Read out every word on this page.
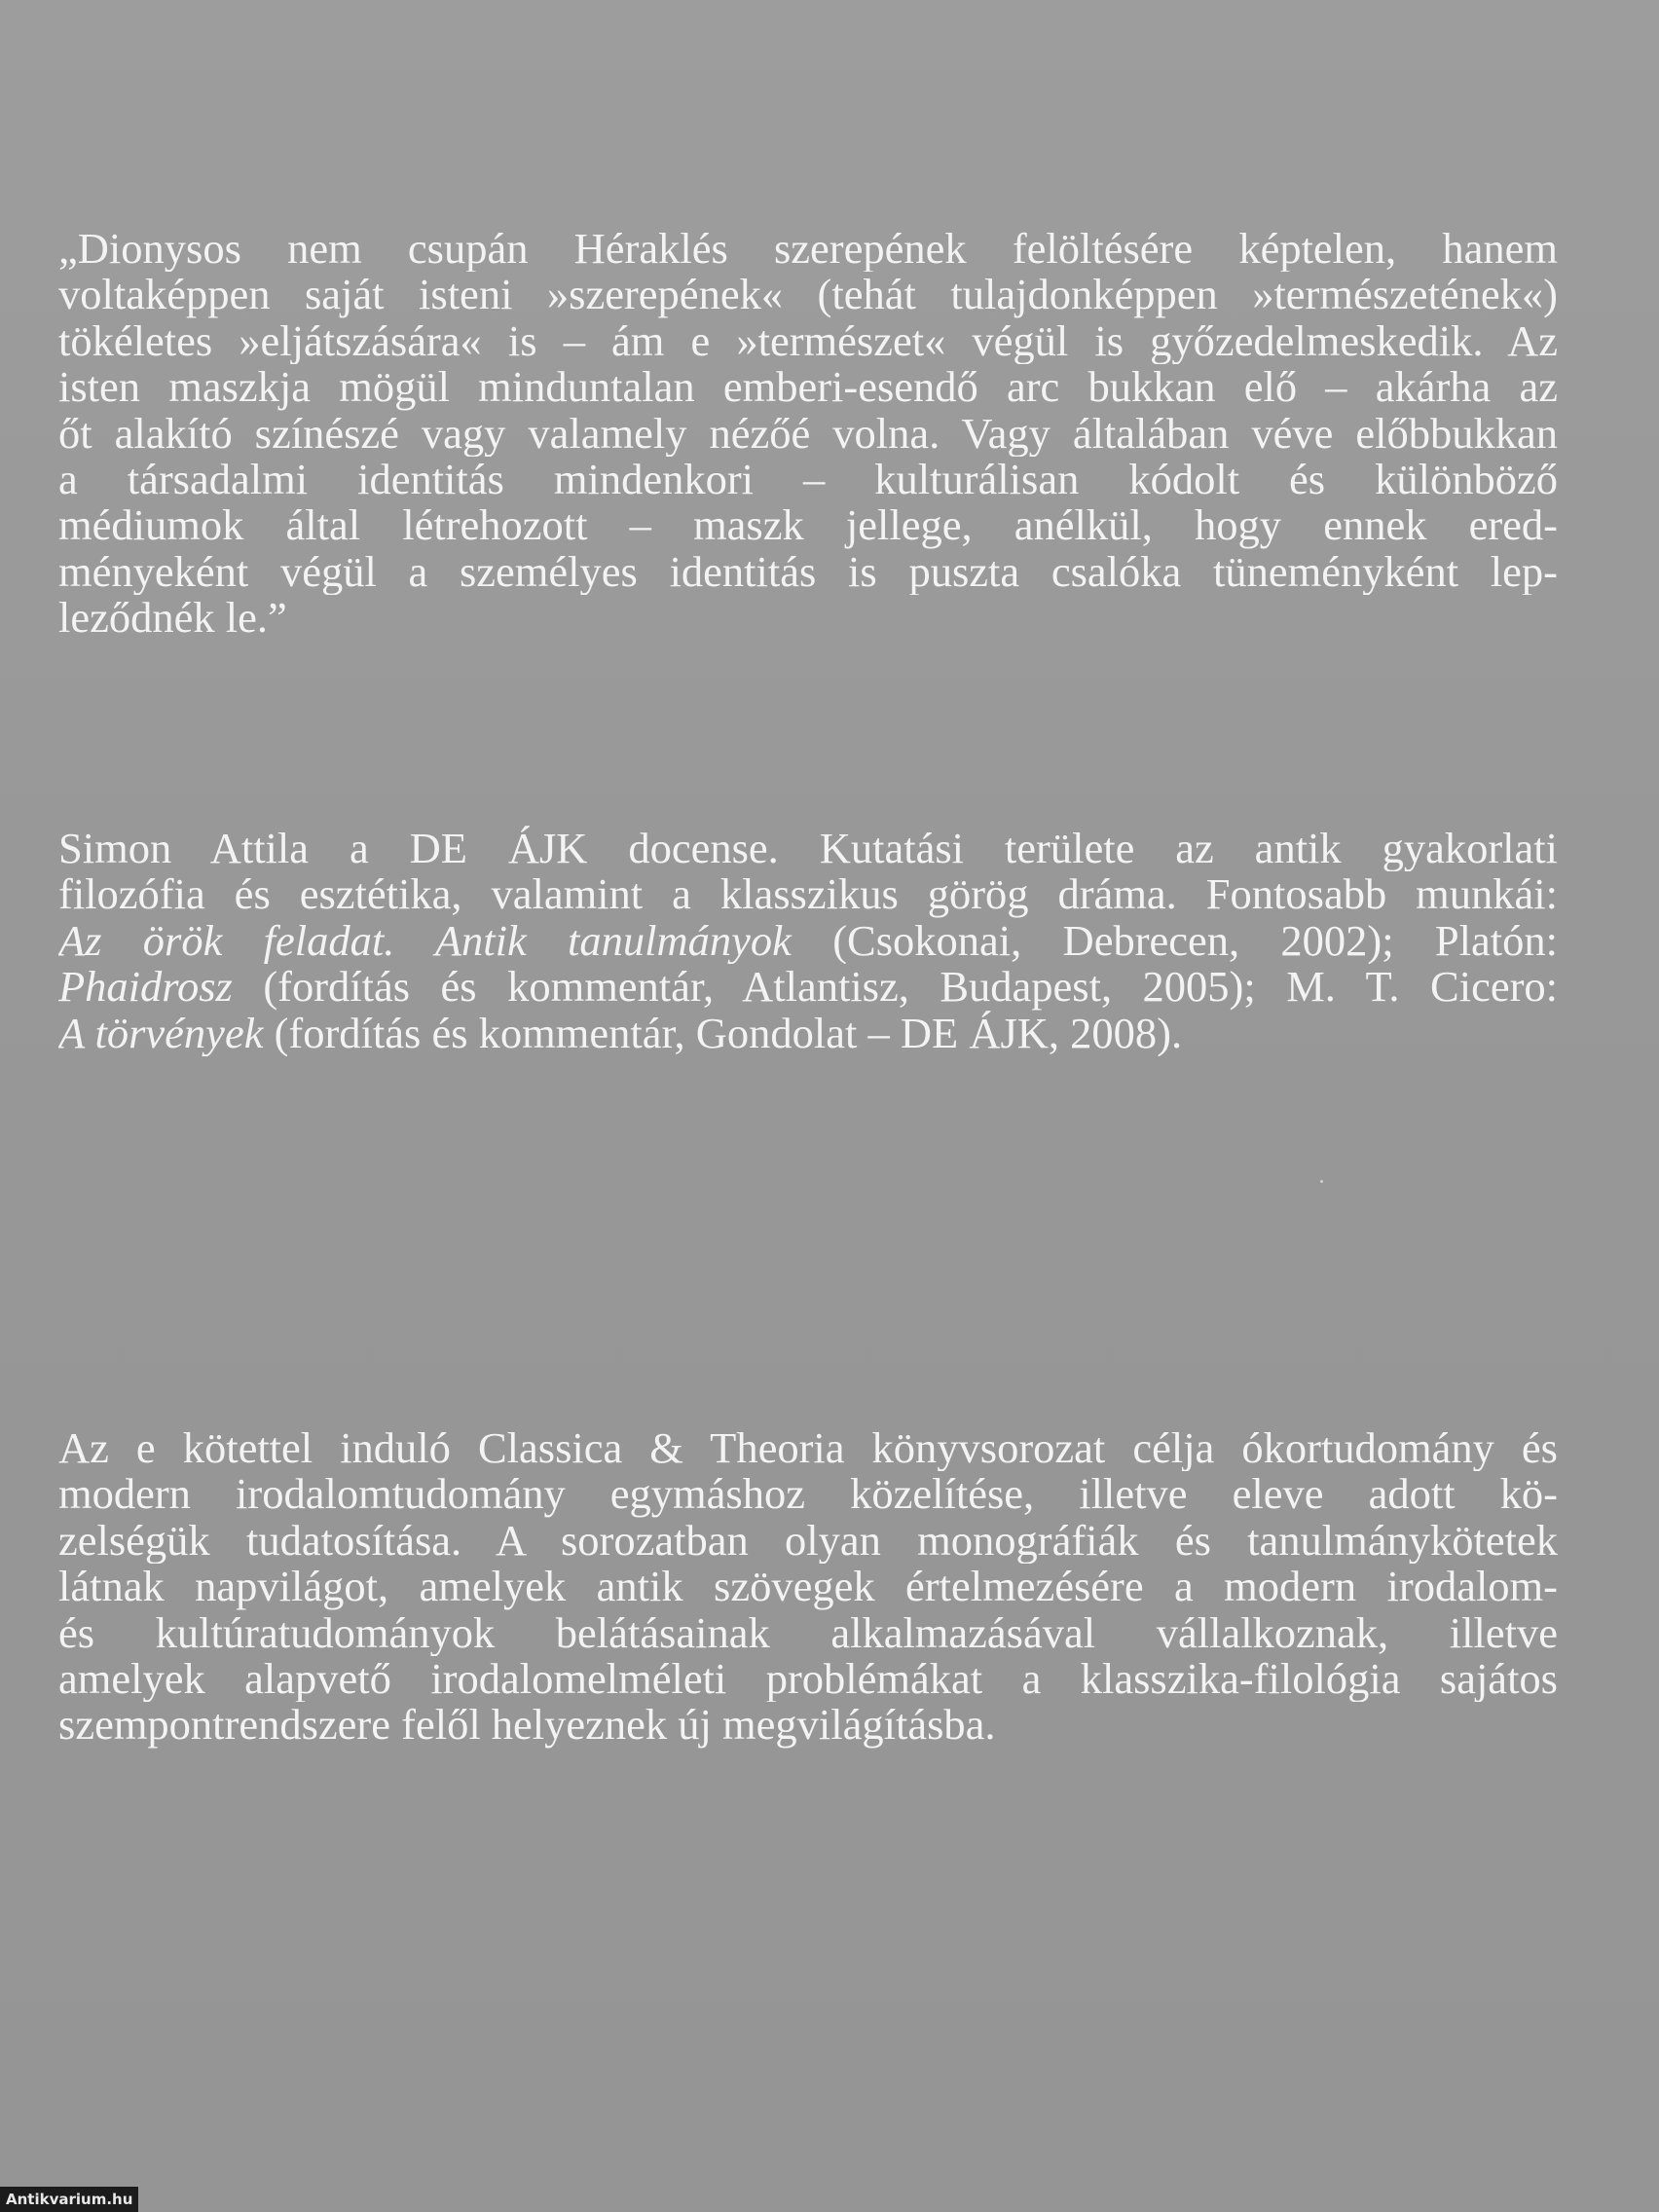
„Dionysos nem csupán Héraklés szerepének felöltésére képtelen, hanem
voltaképpen saját isteni »szerepének« (tehát tulajdonképpen »természetének«)
tökéletes »eljátszására« is – ám e »természet« végül is győzedelmeskedik. Az
isten maszkja mögül minduntalan emberi-esendő arc bukkan elő – akárha az
őt alakító színészé vagy valamely nézőé volna. Vagy általában véve előbbukkan
a társadalmi identitás mindenkori – kulturálisan kódolt és különböző
médiumok által létrehozott – maszk jellege, anélkül, hogy ennek ered-
ményeként végül a személyes identitás is puszta csalóka tüneményként lep-
leződnék le.”
Simon Attila a DE ÁJK docense. Kutatási területe az antik gyakorlati
filozófia és esztétika, valamint a klasszikus görög dráma. Fontosabb munkái:
Az örök feladat. Antik tanulmányok (Csokonai, Debrecen, 2002); Platón:
Phaidrosz (fordítás és kommentár, Atlantisz, Budapest, 2005); M. T. Cicero:
A törvények (fordítás és kommentár, Gondolat – DE ÁJK, 2008).
Az e kötettel induló Classica & Theoria könyvsorozat célja ókortudomány és
modern irodalomtudomány egymáshoz közelítése, illetve eleve adott kö-
zelségük tudatosítása. A sorozatban olyan monográfiák és tanulmánykötetek
látnak napvilágot, amelyek antik szövegek értelmezésére a modern irodalom-
és kultúratudományok belátásainak alkalmazásával vállalkoznak, illetve
amelyek alapvető irodalomelméleti problémákat a klasszika-filológia sajátos
szempontrendszere felől helyeznek új megvilágításba.
Antikvarium.hu
